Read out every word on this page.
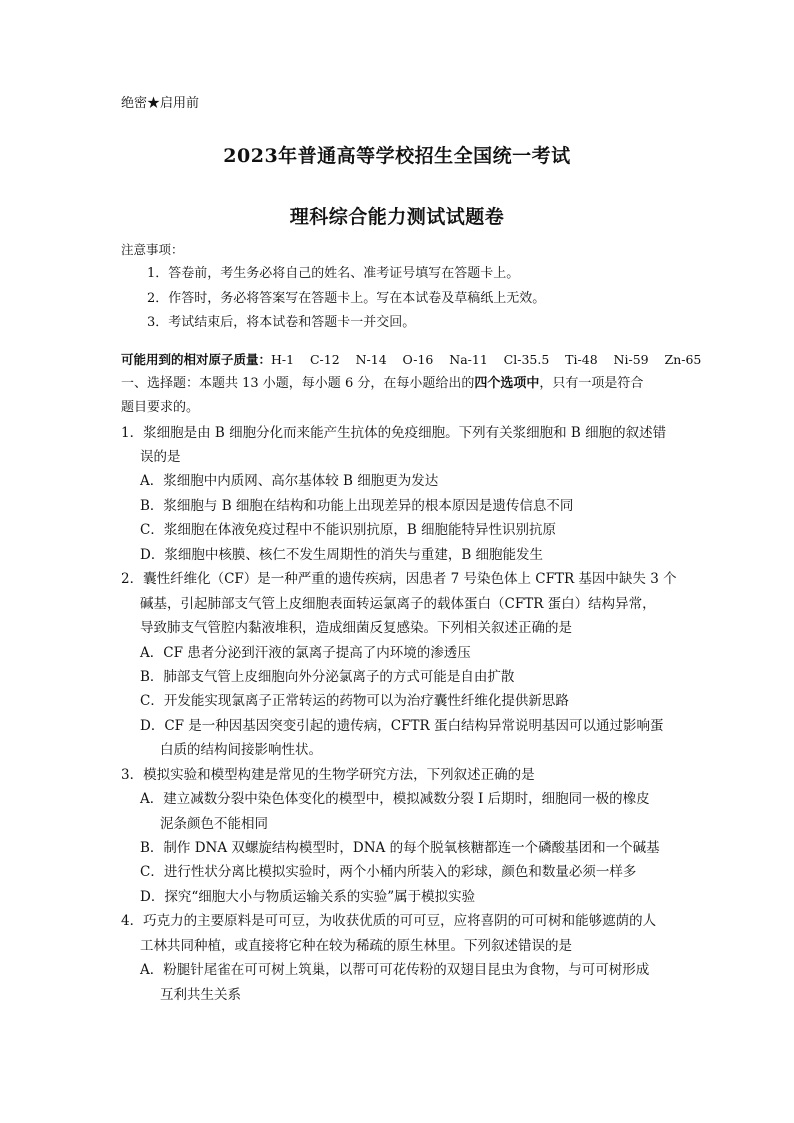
绝密★启用前
2023年普通高等学校招生全国统一考试
理科综合能力测试试题卷
注意事项：
1．答卷前，考生务必将自己的姓名、准考证号填写在答题卡上。
2．作答时，务必将答案写在答题卡上。写在本试卷及草稿纸上无效。
3．考试结束后，将本试卷和答题卡一并交回。
可能用到的相对原子质量：H-1    C-12    N-14    O-16    Na-11    Cl-35.5    Ti-48    Ni-59    Zn-65
一、选择题：本题共 13 小题，每小题 6 分，在每小题给出的四个选项中，只有一项是符合
题目要求的。
1．浆细胞是由 B 细胞分化而来能产生抗体的免疫细胞。下列有关浆细胞和 B 细胞的叙述错
误的是
A．浆细胞中内质网、高尔基体较 B 细胞更为发达
B．浆细胞与 B 细胞在结构和功能上出现差异的根本原因是遗传信息不同
C．浆细胞在体液免疫过程中不能识别抗原，B 细胞能特异性识别抗原
D．浆细胞中核膜、核仁不发生周期性的消失与重建，B 细胞能发生
2．囊性纤维化（CF）是一种严重的遗传疾病，因患者 7 号染色体上 CFTR 基因中缺失 3 个
碱基，引起肺部支气管上皮细胞表面转运氯离子的载体蛋白（CFTR 蛋白）结构异常，
导致肺支气管腔内黏液堆积，造成细菌反复感染。下列相关叙述正确的是
A．CF 患者分泌到汗液的氯离子提高了内环境的渗透压
B．肺部支气管上皮细胞向外分泌氯离子的方式可能是自由扩散
C．开发能实现氯离子正常转运的药物可以为治疗囊性纤维化提供新思路
D．CF 是一种因基因突变引起的遗传病，CFTR 蛋白结构异常说明基因可以通过影响蛋
白质的结构间接影响性状。
3．模拟实验和模型构建是常见的生物学研究方法，下列叙述正确的是
A．建立减数分裂中染色体变化的模型中，模拟减数分裂 I 后期时，细胞同一极的橡皮
泥条颜色不能相同
B．制作 DNA 双螺旋结构模型时，DNA 的每个脱氧核糖都连一个磷酸基团和一个碱基
C．进行性状分离比模拟实验时，两个小桶内所装入的彩球，颜色和数量必须一样多
D．探究“细胞大小与物质运输关系的实验”属于模拟实验
4．巧克力的主要原料是可可豆，为收获优质的可可豆，应将喜阴的可可树和能够遮荫的人
工林共同种植，或直接将它种在较为稀疏的原生林里。下列叙述错误的是
A．粉腿针尾雀在可可树上筑巢，以帮可可花传粉的双翅目昆虫为食物，与可可树形成
互利共生关系
